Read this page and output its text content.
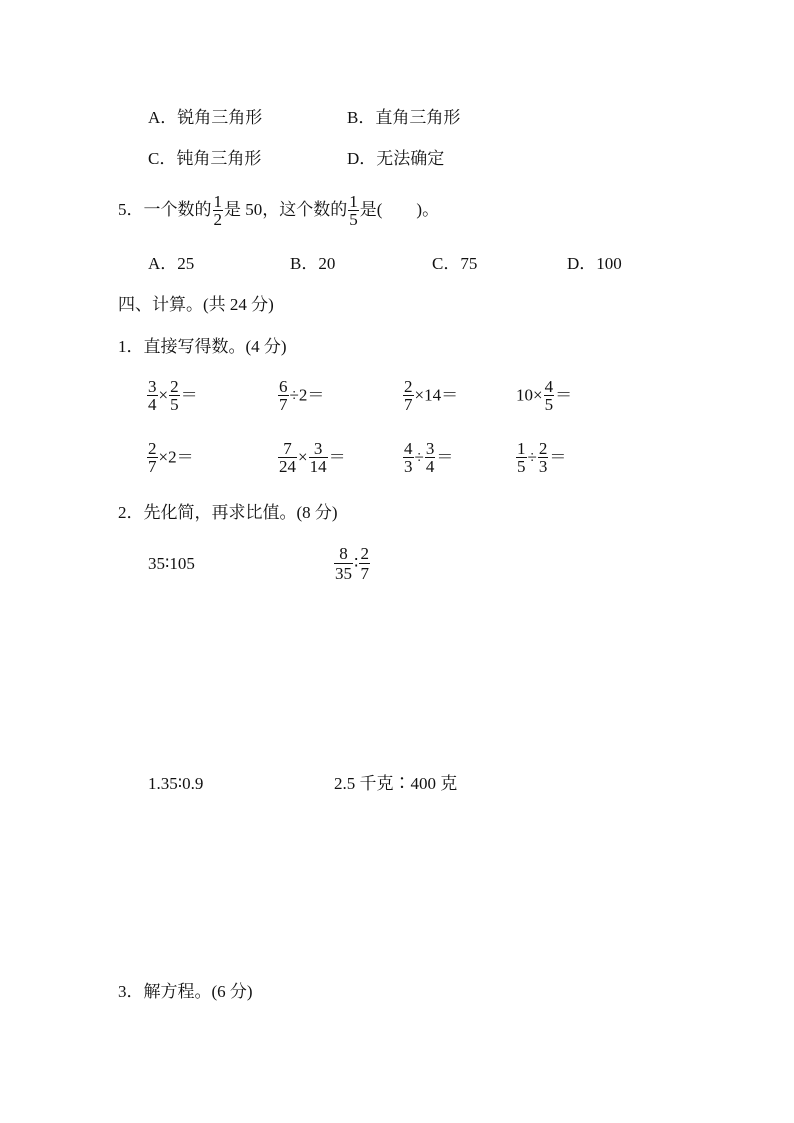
A．锐角三角形	B．直角三角形
C．钝角三角形	D．无法确定
5．一个数的 $\frac{1}{2}$ 是 50，这个数的 $\frac{1}{5}$ 是(　　)。
A．25	B．20	C．75	D．100
四、计算。(共 24 分)
1．直接写得数。(4 分)
$\frac{3}{4} \times \frac{2}{5}$ ＝	$\frac{6}{7} \div 2=$	$\frac{2}{7} \times 14=$	$10\times \frac{4}{5}$ ＝
$\frac{2}{7} \times 2=$	$\frac{7}{24} \times \frac{3}{14}$ ＝	$\frac{4}{3} \div \frac{3}{4}$ ＝	$\frac{1}{5} \div \frac{2}{3}$ ＝
2．先化简，再求比值。(8 分)
35∶105	$\frac{8}{35}$ ∶ $\frac{2}{7}$
1.35∶0.9	2.5 千克∶400 克
3．解方程。(6 分)
